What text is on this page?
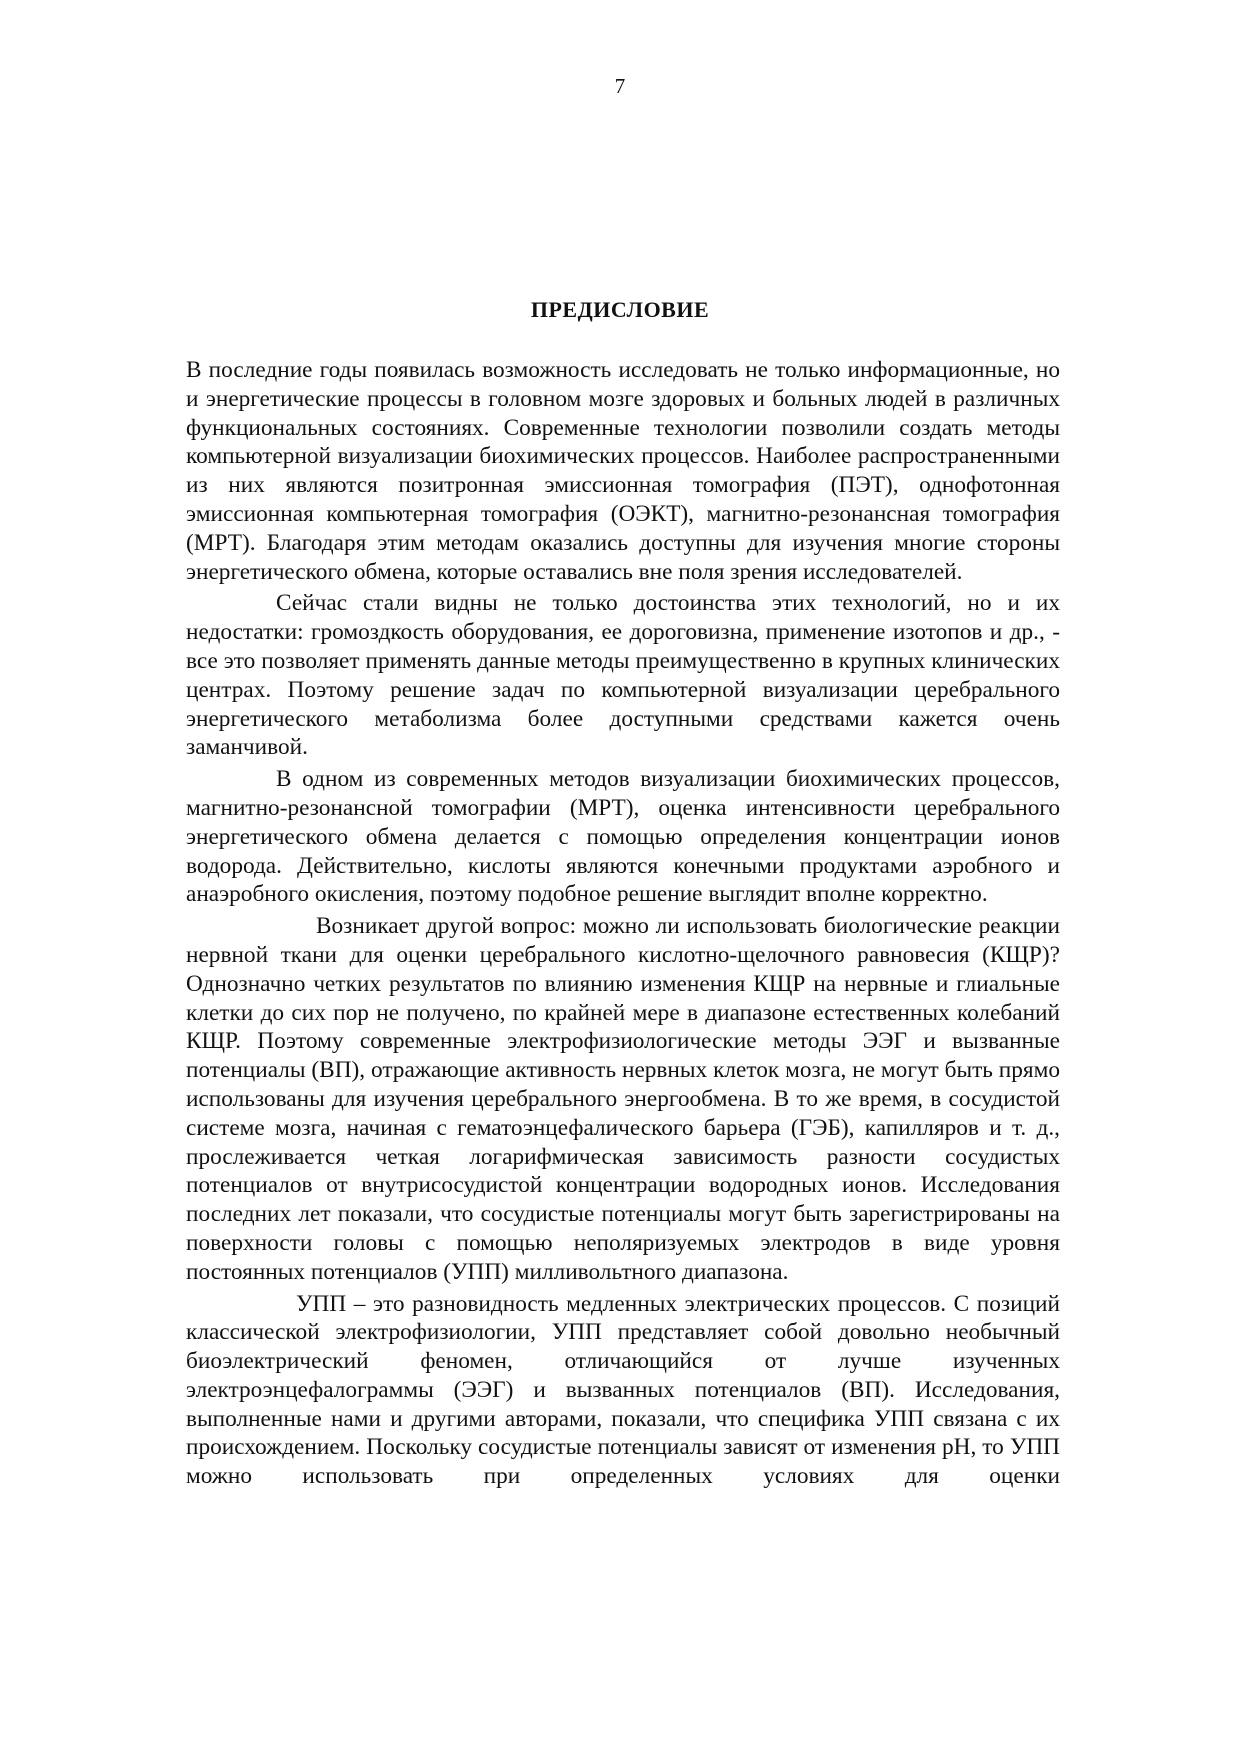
7
ПРЕДИСЛОВИЕ

В последние годы появилась возможность исследовать не только информационные, но и энергетические процессы в головном мозге здоровых и больных людей в различных функциональных состояниях. Современные технологии позволили создать методы компьютерной визуализации биохимических процессов. Наиболее распространенными из них являются позитронная эмиссионная томография (ПЭТ), однофотонная эмиссионная компьютерная томография (ОЭКТ), магнитно-резонансная томография (МРТ). Благодаря этим методам оказались доступны для изучения многие стороны энергетического обмена, которые оставались вне поля зрения исследователей.

Сейчас стали видны не только достоинства этих технологий, но и их недостатки: громоздкость оборудования, ее дороговизна, применение изотопов и др., - все это позволяет применять данные методы преимущественно в крупных клинических центрах. Поэтому решение задач по компьютерной визуализации церебрального энергетического метаболизма более доступными средствами кажется очень заманчивой.

В одном из современных методов визуализации биохимических процессов, магнитно-резонансной томографии (МРТ), оценка интенсивности церебрального энергетического обмена делается с помощью определения концентрации ионов водорода. Действительно, кислоты являются конечными продуктами аэробного и анаэробного окисления, поэтому подобное решение выглядит вполне корректно.

Возникает другой вопрос: можно ли использовать биологические реакции нервной ткани для оценки церебрального кислотно-щелочного равновесия (КЩР)? Однозначно четких результатов по влиянию изменения КЩР на нервные и глиальные клетки до сих пор не получено, по крайней мере в диапазоне естественных колебаний КЩР. Поэтому современные электрофизиологические методы ЭЭГ и вызванные потенциалы (ВП), отражающие активность нервных клеток мозга, не могут быть прямо использованы для изучения церебрального энергообмена. В то же время, в сосудистой системе мозга, начиная с гематоэнцефалического барьера (ГЭБ), капилляров и т. д., прослеживается четкая логарифмическая зависимость разности сосудистых потенциалов от внутрисосудистой концентрации водородных ионов. Исследования последних лет показали, что сосудистые потенциалы могут быть зарегистрированы на поверхности головы с помощью неполяризуемых электродов в виде уровня постоянных потенциалов (УПП) милливольтного диапазона.

УПП – это разновидность медленных электрических процессов. С позиций классической электрофизиологии, УПП представляет собой довольно необычный биоэлектрический феномен, отличающийся от лучше изученных электроэнцефалограммы (ЭЭГ) и вызванных потенциалов (ВП). Исследования, выполненные нами и другими авторами, показали, что специфика УПП связана с их происхождением. Поскольку сосудистые потенциалы зависят от изменения pH, то УПП можно использовать при определенных условиях для оценки
